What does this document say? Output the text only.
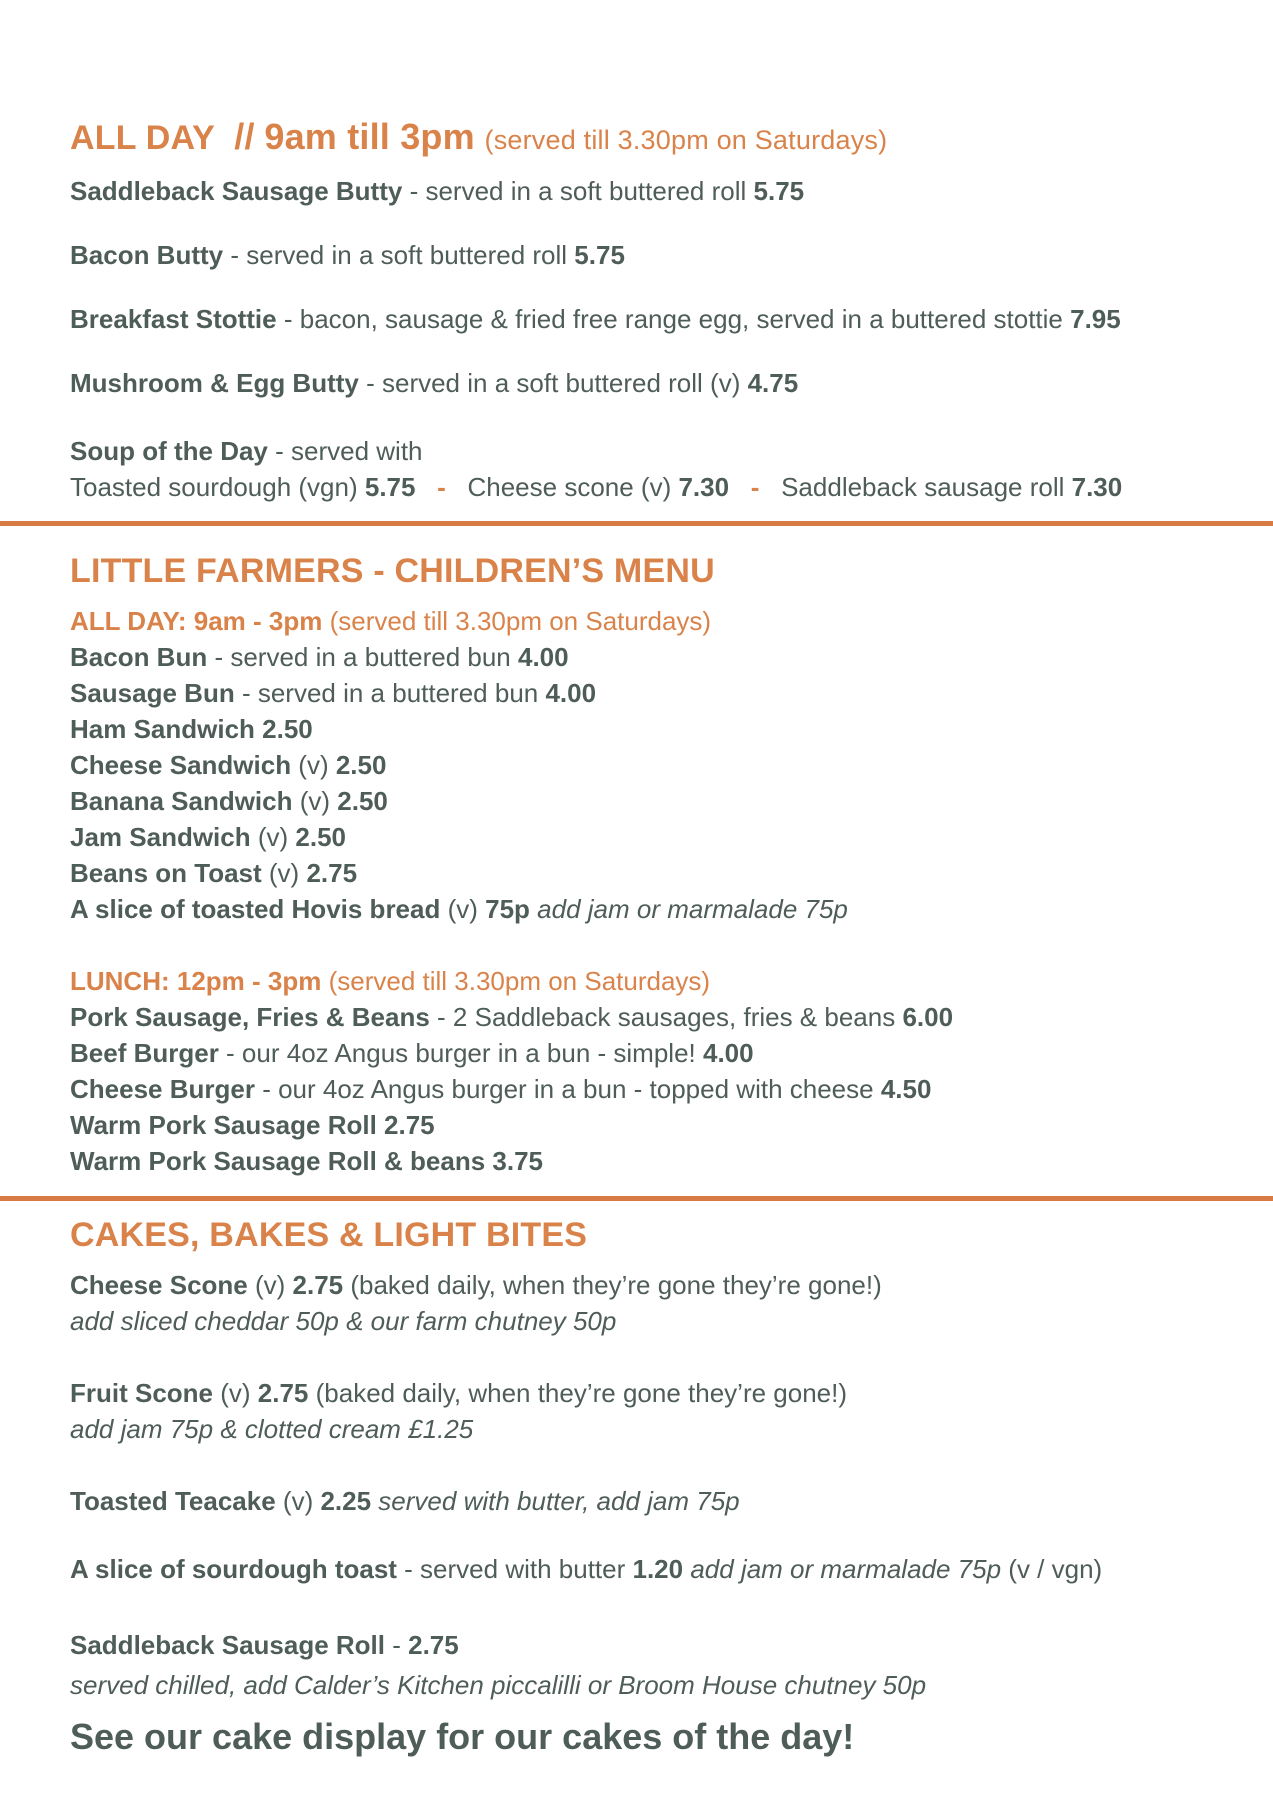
ALL DAY // 9am till 3pm (served till 3.30pm on Saturdays)
Saddleback Sausage Butty - served in a soft buttered roll 5.75
Bacon Butty - served in a soft buttered roll 5.75
Breakfast Stottie - bacon, sausage & fried free range egg, served in a buttered stottie 7.95
Mushroom & Egg Butty - served in a soft buttered roll (v) 4.75
Soup of the Day - served with
Toasted sourdough (vgn) 5.75 - Cheese scone (v) 7.30 - Saddleback sausage roll 7.30
LITTLE FARMERS - CHILDREN’S MENU
ALL DAY: 9am - 3pm (served till 3.30pm on Saturdays)
Bacon Bun - served in a buttered bun 4.00
Sausage Bun - served in a buttered bun 4.00
Ham Sandwich 2.50
Cheese Sandwich (v) 2.50
Banana Sandwich (v) 2.50
Jam Sandwich (v) 2.50
Beans on Toast (v) 2.75
A slice of toasted Hovis bread (v) 75p add jam or marmalade 75p
LUNCH: 12pm - 3pm (served till 3.30pm on Saturdays)
Pork Sausage, Fries & Beans - 2 Saddleback sausages, fries & beans 6.00
Beef Burger - our 4oz Angus burger in a bun - simple! 4.00
Cheese Burger - our 4oz Angus burger in a bun - topped with cheese 4.50
Warm Pork Sausage Roll 2.75
Warm Pork Sausage Roll & beans 3.75
CAKES, BAKES & LIGHT BITES
Cheese Scone (v) 2.75 (baked daily, when they’re gone they’re gone!)
add sliced cheddar 50p & our farm chutney 50p
Fruit Scone (v) 2.75 (baked daily, when they’re gone they’re gone!)
add jam 75p & clotted cream £1.25
Toasted Teacake (v) 2.25 served with butter, add jam 75p
A slice of sourdough toast - served with butter 1.20 add jam or marmalade 75p (v / vgn)
Saddleback Sausage Roll - 2.75
served chilled, add Calder’s Kitchen piccalilli or Broom House chutney 50p
See our cake display for our cakes of the day!
